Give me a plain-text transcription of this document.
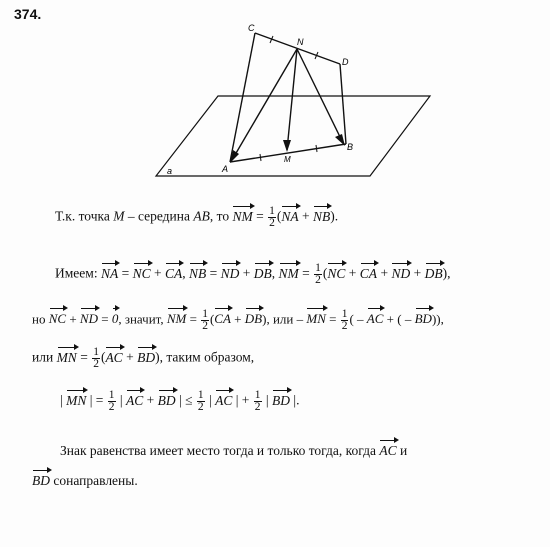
374.
C
N
D
A
M
B
a
Т.к. точка M – середина AB, то NM = $\frac{1}{2} (NA + NB)$.
Имеем: NA = NC + CA, NB = ND + DB, NM = $\frac{1}{2} (NC$ + CA + ND + DB),
но NC + ND = 0, значит, NM = $\frac{1}{2} (CA + DB)$, или – MN = $\frac{1}{2}$ ( – AC + ( – BD)),
или MN = $\frac{1}{2} (AC + BD)$, таким образом,
| MN | = $\frac{1}{2}$ | AC + BD | ≤ $\frac{1}{2}$ | AC | + $\frac{1}{2}$ | BD |.
Знак равенства имеет место тогда и только тогда, когда AC и
BD сонаправлены.
